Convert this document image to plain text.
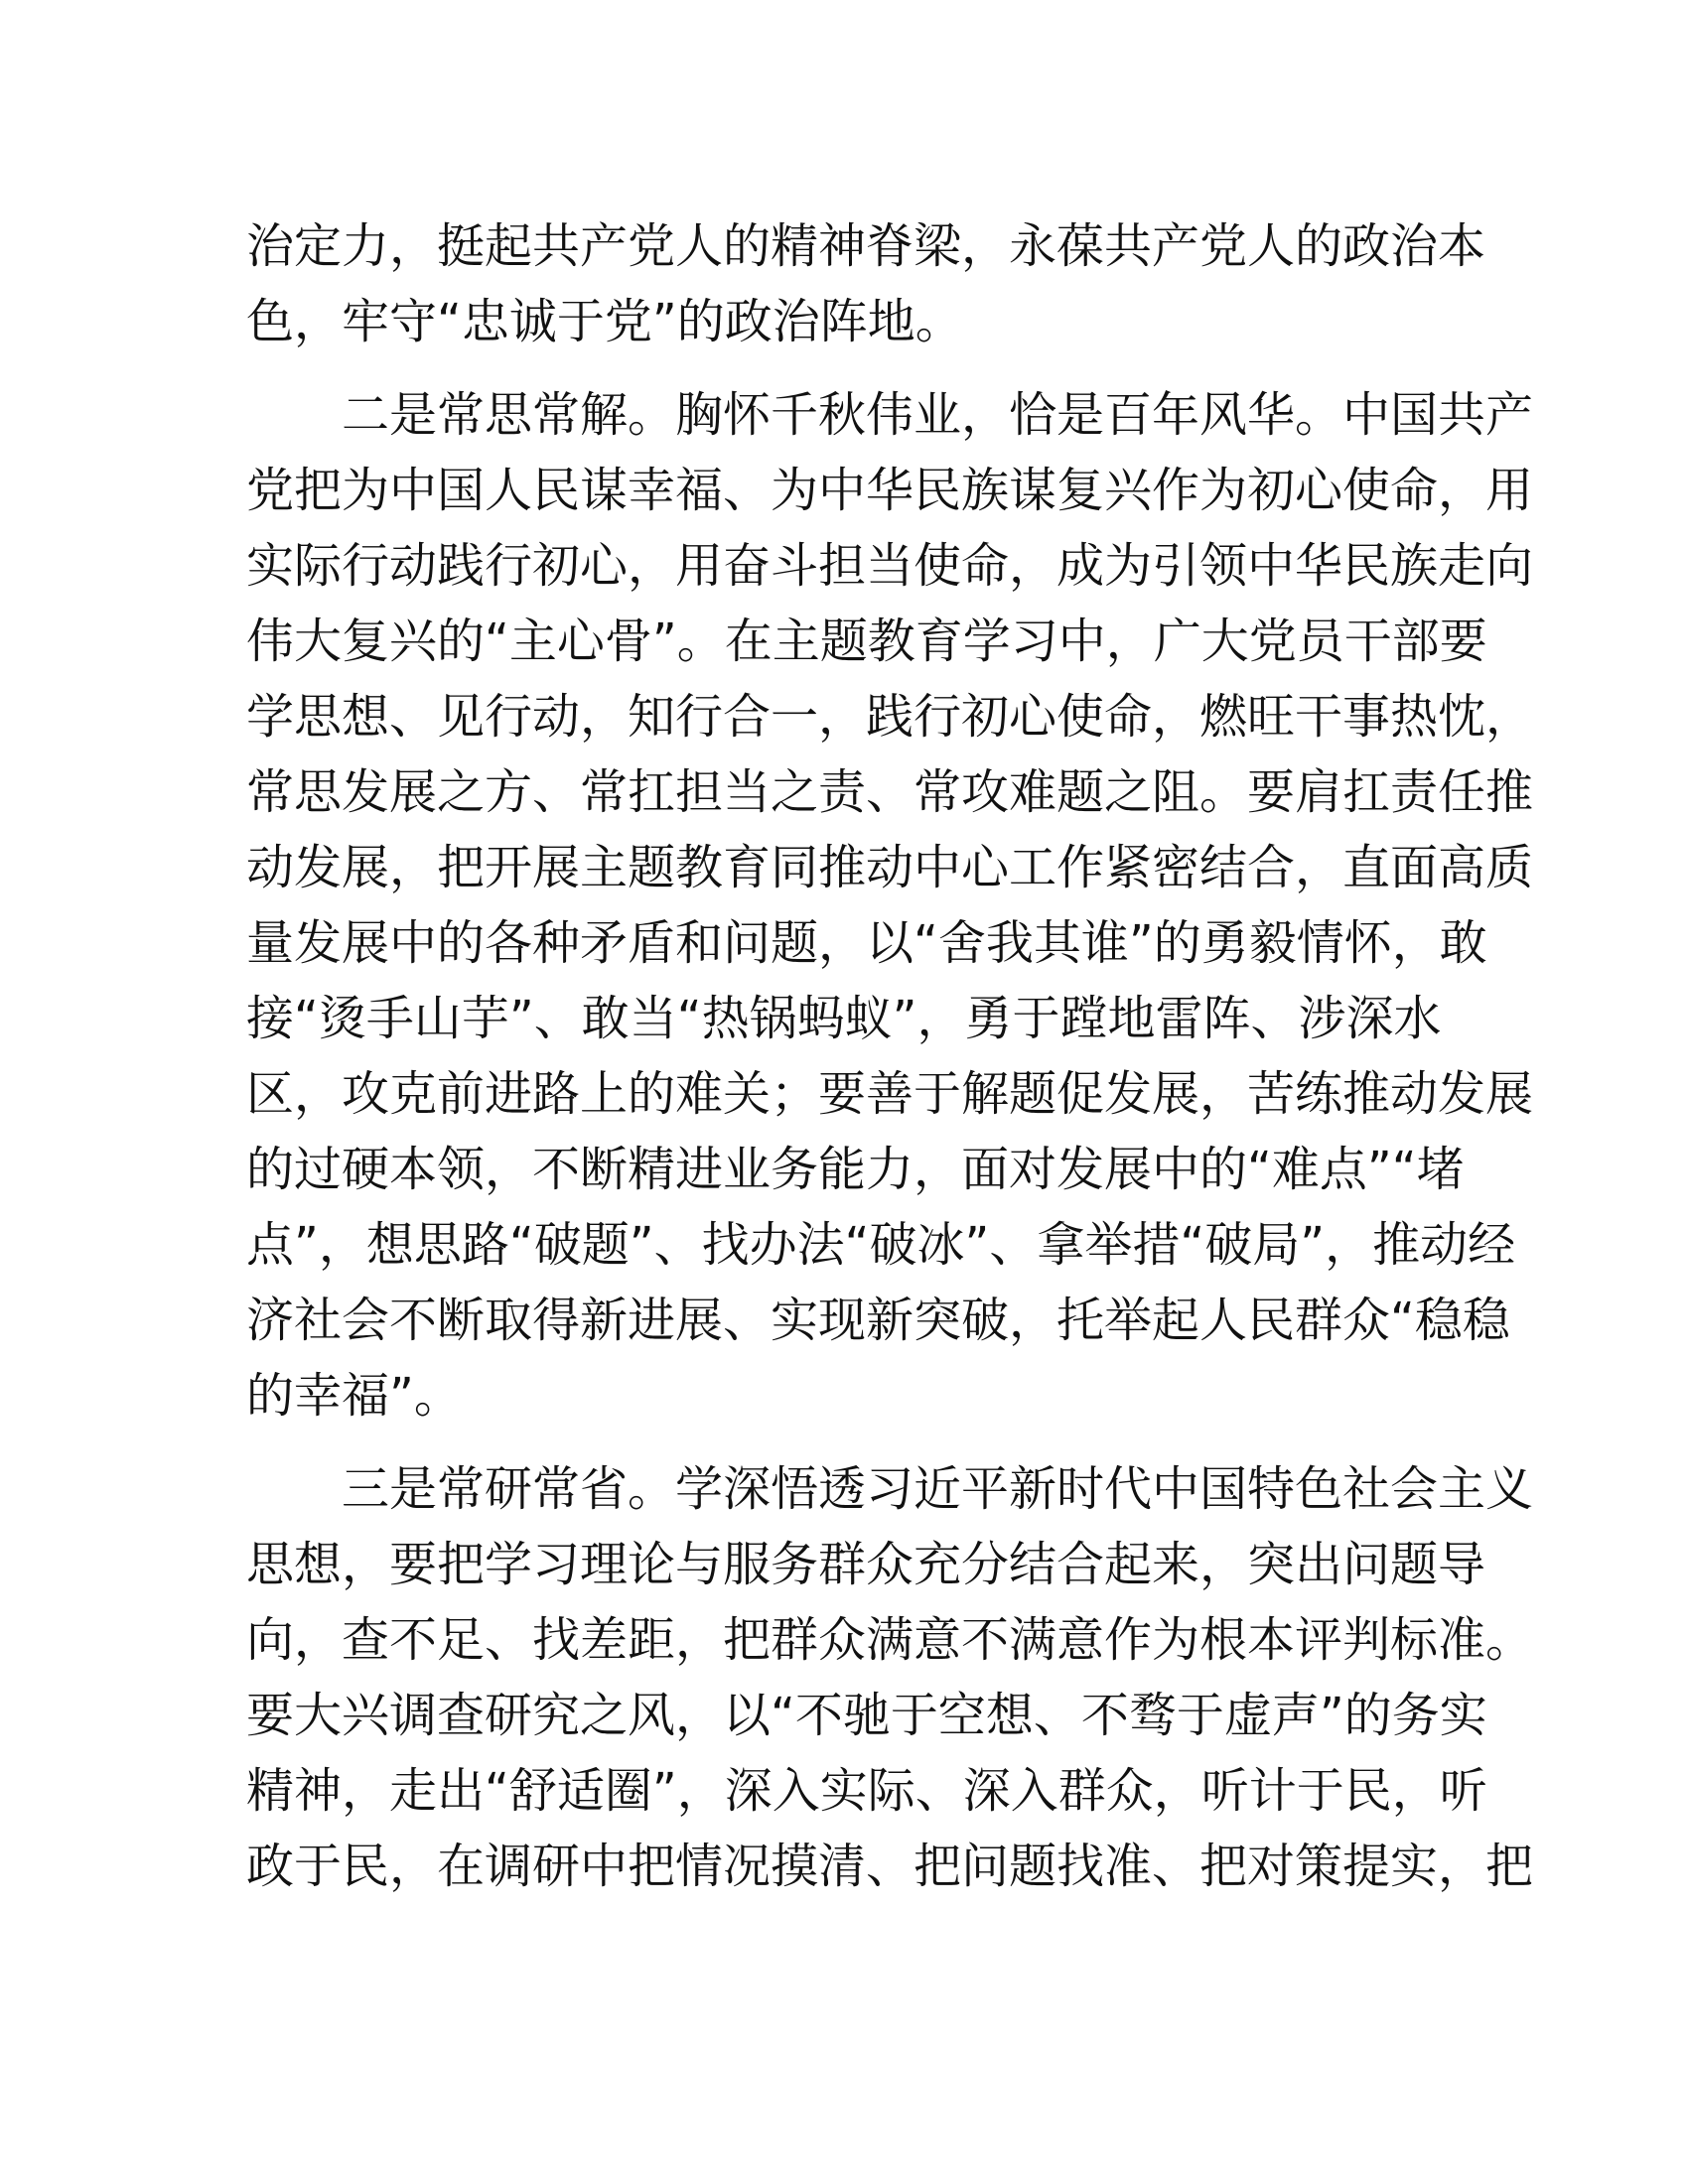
治定力，挺起共产党人的精神脊梁，永葆共产党人的政治本
色，牢守“忠诚于党”的政治阵地。

二是常思常解。胸怀千秋伟业，恰是百年风华。中国共产
党把为中国人民谋幸福、为中华民族谋复兴作为初心使命，用
实际行动践行初心，用奋斗担当使命，成为引领中华民族走向
伟大复兴的“主心骨”。在主题教育学习中，广大党员干部要
学思想、见行动，知行合一，践行初心使命，燃旺干事热忱，
常思发展之方、常扛担当之责、常攻难题之阻。要肩扛责任推
动发展，把开展主题教育同推动中心工作紧密结合，直面高质
量发展中的各种矛盾和问题，以“舍我其谁”的勇毅情怀，敢
接“烫手山芋”、敢当“热锅蚂蚁”，勇于蹚地雷阵、涉深水
区，攻克前进路上的难关；要善于解题促发展，苦练推动发展
的过硬本领，不断精进业务能力，面对发展中的“难点”“堵
点”，想思路“破题”、找办法“破冰”、拿举措“破局”，推动经
济社会不断取得新进展、实现新突破，托举起人民群众“稳稳
的幸福”。

三是常研常省。学深悟透习近平新时代中国特色社会主义
思想，要把学习理论与服务群众充分结合起来，突出问题导
向，查不足、找差距，把群众满意不满意作为根本评判标准。
要大兴调查研究之风，以“不驰于空想、不骛于虚声”的务实
精神，走出“舒适圈”，深入实际、深入群众，听计于民，听
政于民，在调研中把情况摸清、把问题找准、把对策提实，把
